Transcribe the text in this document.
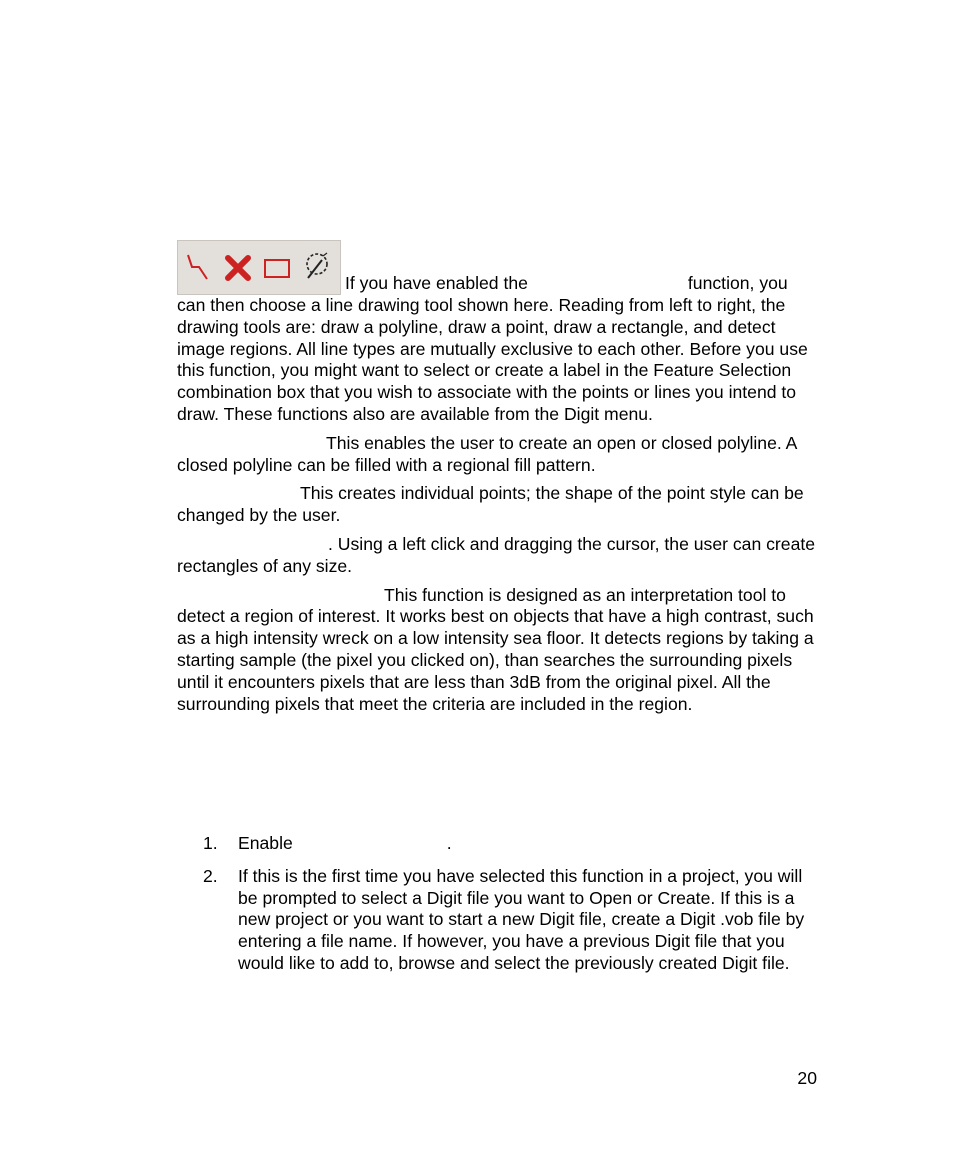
If you have enabled the	function, you
can then choose a line drawing tool shown here. Reading from left to right, the drawing tools are: draw a polyline, draw a point, draw a rectangle, and detect image regions. All line types are mutually exclusive to each other. Before you use this function, you might want to select or create a label in the Feature Selection combination box that you wish to associate with the points or lines you intend to draw. These functions also are available from the Digit menu.

This enables the user to create an open or closed polyline. A closed polyline can be filled with a regional fill pattern.

This creates individual points; the shape of the point style can be changed by the user.

. Using a left click and dragging the cursor, the user can create rectangles of any size.

This function is designed as an interpretation tool to detect a region of interest. It works best on objects that have a high contrast, such as a high intensity wreck on a low intensity sea floor. It detects regions by taking a starting sample (the pixel you clicked on), than searches the surrounding pixels until it encounters pixels that are less than 3dB from the original pixel. All the surrounding pixels that meet the criteria are included in the region.

1.	Enable	.
2.	If this is the first time you have selected this function in a project, you will be prompted to select a Digit file you want to Open or Create. If this is a new project or you want to start a new Digit file, create a Digit .vob file by entering a file name. If however, you have a previous Digit file that you would like to add to, browse and select the previously created Digit file.
20
